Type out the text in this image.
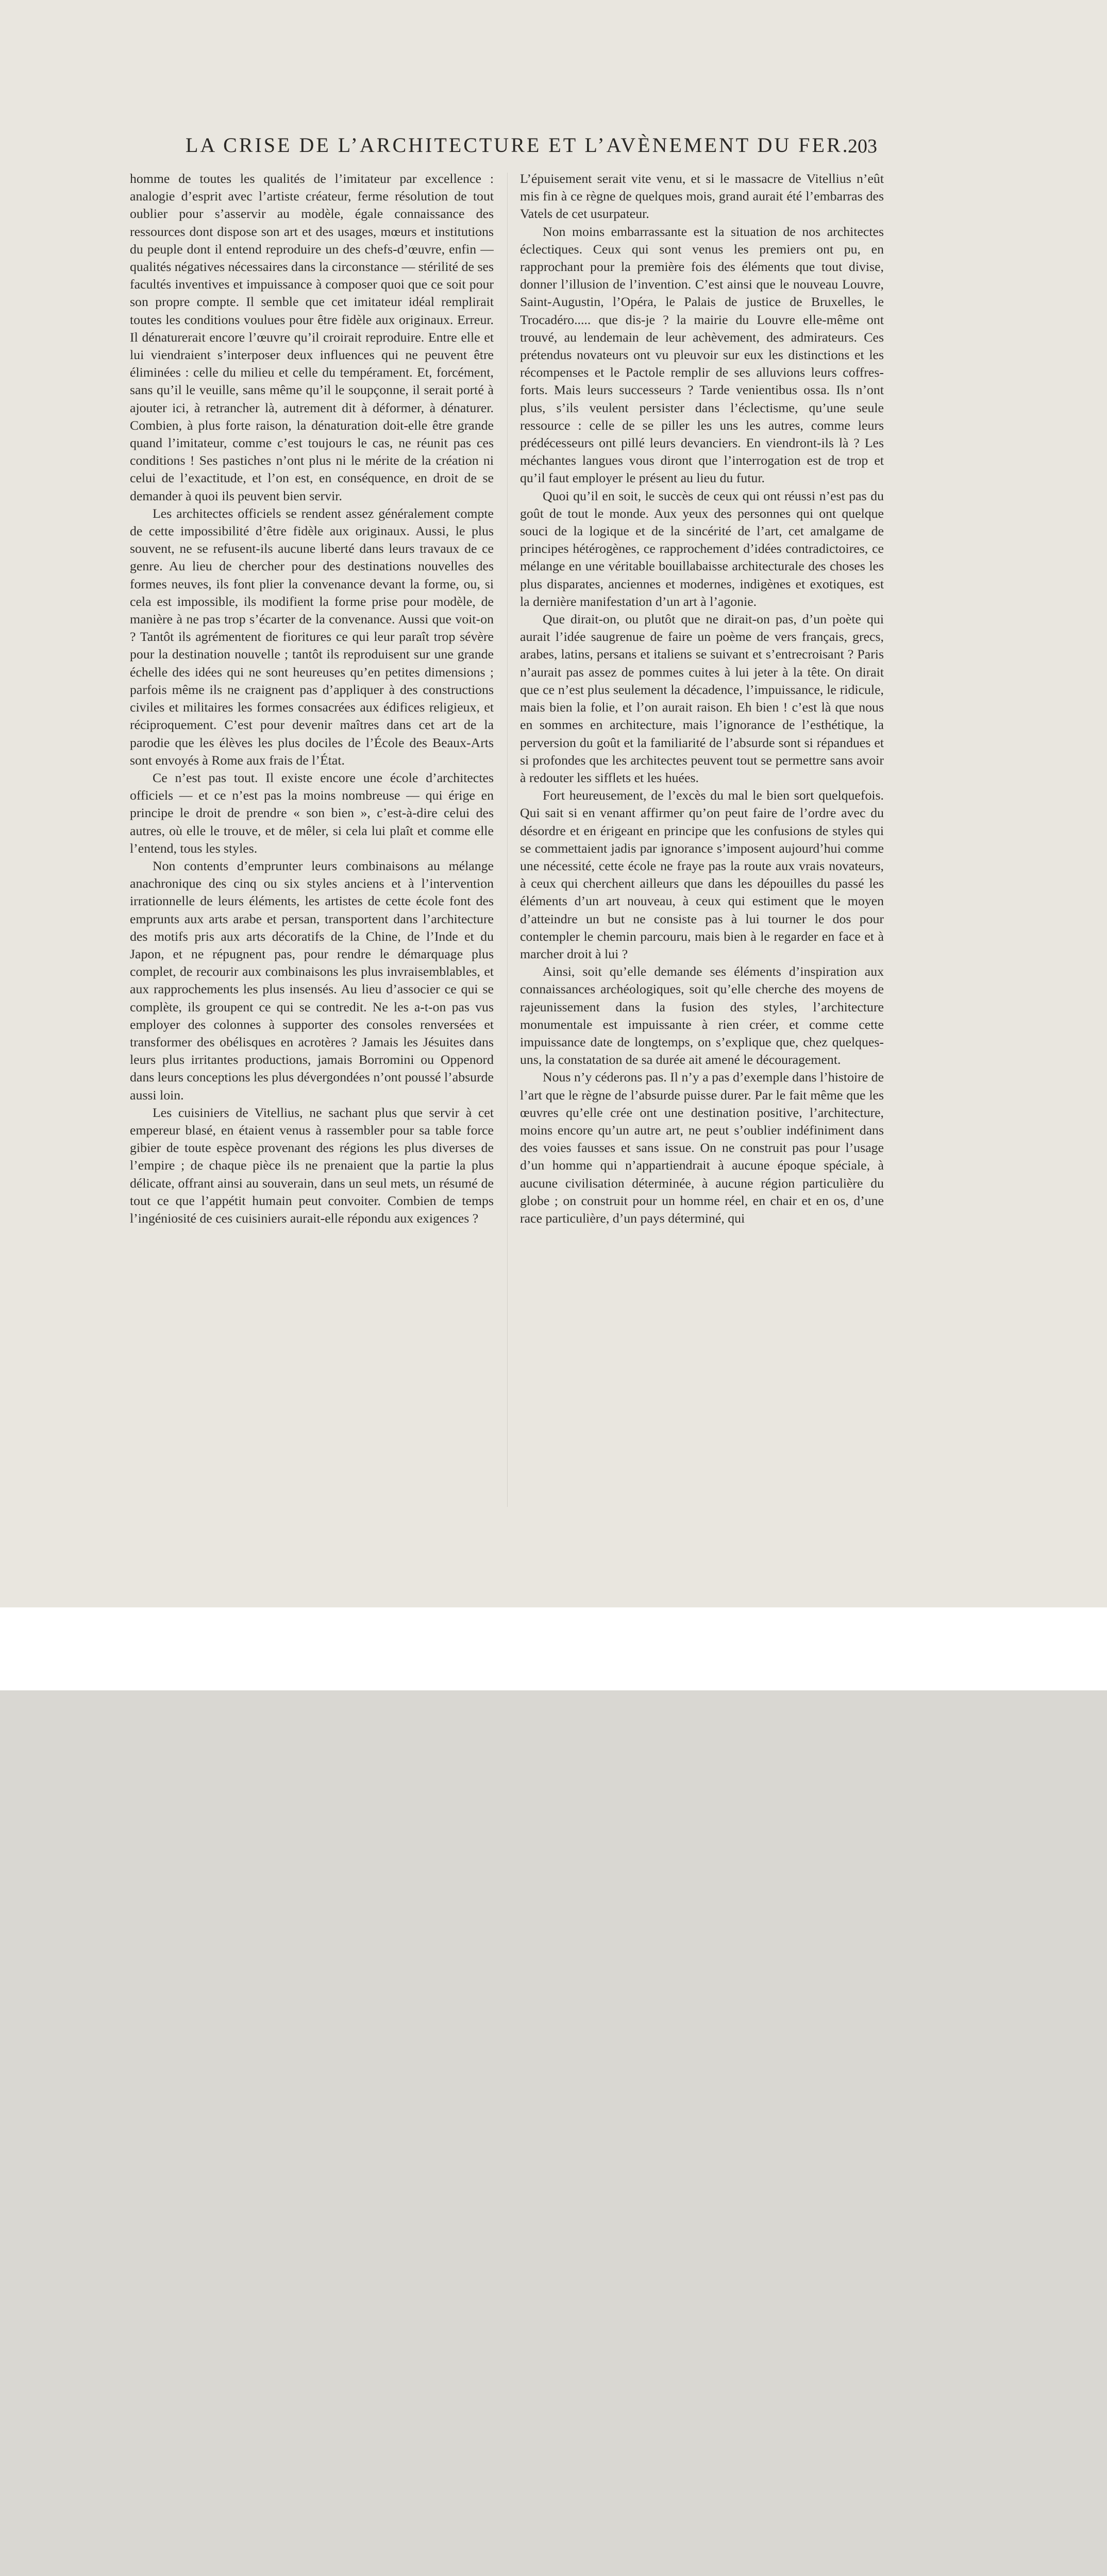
LA CRISE DE L’ARCHITECTURE ET L’AVÈNEMENT DU FER.
203

homme de toutes les qualités de l’imitateur par excellence : analogie d’esprit avec l’artiste créateur, ferme résolution de tout oublier pour s’asservir au modèle, égale connaissance des ressources dont dispose son art et des usages, mœurs et institutions du peuple dont il entend reproduire un des chefs-d’œuvre, enfin — qualités négatives nécessaires dans la circonstance — stérilité de ses facultés inventives et impuissance à composer quoi que ce soit pour son propre compte. Il semble que cet imitateur idéal remplirait toutes les conditions voulues pour être fidèle aux originaux. Erreur. Il dénaturerait encore l’œuvre qu’il croirait reproduire. Entre elle et lui viendraient s’interposer deux influences qui ne peuvent être éliminées : celle du milieu et celle du tempérament. Et, forcément, sans qu’il le veuille, sans même qu’il le soupçonne, il serait porté à ajouter ici, à retrancher là, autrement dit à déformer, à dénaturer. Combien, à plus forte raison, la dénaturation doit-elle être grande quand l’imitateur, comme c’est toujours le cas, ne réunit pas ces conditions ! Ses pastiches n’ont plus ni le mérite de la création ni celui de l’exactitude, et l’on est, en conséquence, en droit de se demander à quoi ils peuvent bien servir.

Les architectes officiels se rendent assez généralement compte de cette impossibilité d’être fidèle aux originaux. Aussi, le plus souvent, ne se refusent-ils aucune liberté dans leurs travaux de ce genre. Au lieu de chercher pour des destinations nouvelles des formes neuves, ils font plier la convenance devant la forme, ou, si cela est impossible, ils modifient la forme prise pour modèle, de manière à ne pas trop s’écarter de la convenance. Aussi que voit-on ? Tantôt ils agrémentent de fioritures ce qui leur paraît trop sévère pour la destination nouvelle ; tantôt ils reproduisent sur une grande échelle des idées qui ne sont heureuses qu’en petites dimensions ; parfois même ils ne craignent pas d’appliquer à des constructions civiles et militaires les formes consacrées aux édifices religieux, et réciproquement. C’est pour devenir maîtres dans cet art de la parodie que les élèves les plus dociles de l’École des Beaux-Arts sont envoyés à Rome aux frais de l’État.

Ce n’est pas tout. Il existe encore une école d’architectes officiels — et ce n’est pas la moins nombreuse — qui érige en principe le droit de prendre « son bien », c’est-à-dire celui des autres, où elle le trouve, et de mêler, si cela lui plaît et comme elle l’entend, tous les styles.

Non contents d’emprunter leurs combinaisons au mélange anachronique des cinq ou six styles anciens et à l’intervention irrationnelle de leurs éléments, les artistes de cette école font des emprunts aux arts arabe et persan, transportent dans l’architecture des motifs pris aux arts décoratifs de la Chine, de l’Inde et du Japon, et ne répugnent pas, pour rendre le démarquage plus complet, de recourir aux combinaisons les plus invraisemblables, et aux rapprochements les plus insensés. Au lieu d’associer ce qui se complète, ils groupent ce qui se contredit. Ne les a-t-on pas vus employer des colonnes à supporter des consoles renversées et transformer des obélisques en acrotères ? Jamais les Jésuites dans leurs plus irritantes productions, jamais Borromini ou Oppenord dans leurs conceptions les plus dévergondées n’ont poussé l’absurde aussi loin.

Les cuisiniers de Vitellius, ne sachant plus que servir à cet empereur blasé, en étaient venus à rassembler pour sa table force gibier de toute espèce provenant des régions les plus diverses de l’empire ; de chaque pièce ils ne prenaient que la partie la plus délicate, offrant ainsi au souverain, dans un seul mets, un résumé de tout ce que l’appétit humain peut convoiter. Combien de temps l’ingéniosité de ces cuisiniers aurait-elle répondu aux exigences ?

L’épuisement serait vite venu, et si le massacre de Vitellius n’eût mis fin à ce règne de quelques mois, grand aurait été l’embarras des Vatels de cet usurpateur.

Non moins embarrassante est la situation de nos architectes éclectiques. Ceux qui sont venus les premiers ont pu, en rapprochant pour la première fois des éléments que tout divise, donner l’illusion de l’invention. C’est ainsi que le nouveau Louvre, Saint-Augustin, l’Opéra, le Palais de justice de Bruxelles, le Trocadéro..... que dis-je ? la mairie du Louvre elle-même ont trouvé, au lendemain de leur achèvement, des admirateurs. Ces prétendus novateurs ont vu pleuvoir sur eux les distinctions et les récompenses et le Pactole remplir de ses alluvions leurs coffres-forts. Mais leurs successeurs ? Tarde venientibus ossa. Ils n’ont plus, s’ils veulent persister dans l’éclectisme, qu’une seule ressource : celle de se piller les uns les autres, comme leurs prédécesseurs ont pillé leurs devanciers. En viendront-ils là ? Les méchantes langues vous diront que l’interrogation est de trop et qu’il faut employer le présent au lieu du futur.

Quoi qu’il en soit, le succès de ceux qui ont réussi n’est pas du goût de tout le monde. Aux yeux des personnes qui ont quelque souci de la logique et de la sincérité de l’art, cet amalgame de principes hétérogènes, ce rapprochement d’idées contradictoires, ce mélange en une véritable bouillabaisse architecturale des choses les plus disparates, anciennes et modernes, indigènes et exotiques, est la dernière manifestation d’un art à l’agonie.

Que dirait-on, ou plutôt que ne dirait-on pas, d’un poète qui aurait l’idée saugrenue de faire un poème de vers français, grecs, arabes, latins, persans et italiens se suivant et s’entrecroisant ? Paris n’aurait pas assez de pommes cuites à lui jeter à la tête. On dirait que ce n’est plus seulement la décadence, l’impuissance, le ridicule, mais bien la folie, et l’on aurait raison. Eh bien ! c’est là que nous en sommes en architecture, mais l’ignorance de l’esthétique, la perversion du goût et la familiarité de l’absurde sont si répandues et si profondes que les architectes peuvent tout se permettre sans avoir à redouter les sifflets et les huées.

Fort heureusement, de l’excès du mal le bien sort quelquefois. Qui sait si en venant affirmer qu’on peut faire de l’ordre avec du désordre et en érigeant en principe que les confusions de styles qui se commettaient jadis par ignorance s’imposent aujourd’hui comme une nécessité, cette école ne fraye pas la route aux vrais novateurs, à ceux qui cherchent ailleurs que dans les dépouilles du passé les éléments d’un art nouveau, à ceux qui estiment que le moyen d’atteindre un but ne consiste pas à lui tourner le dos pour contempler le chemin parcouru, mais bien à le regarder en face et à marcher droit à lui ?

Ainsi, soit qu’elle demande ses éléments d’inspiration aux connaissances archéologiques, soit qu’elle cherche des moyens de rajeunissement dans la fusion des styles, l’architecture monumentale est impuissante à rien créer, et comme cette impuissance date de longtemps, on s’explique que, chez quelques-uns, la constatation de sa durée ait amené le découragement.

Nous n’y céderons pas. Il n’y a pas d’exemple dans l’histoire de l’art que le règne de l’absurde puisse durer. Par le fait même que les œuvres qu’elle crée ont une destination positive, l’architecture, moins encore qu’un autre art, ne peut s’oublier indéfiniment dans des voies fausses et sans issue. On ne construit pas pour l’usage d’un homme qui n’appartiendrait à aucune époque spéciale, à aucune civilisation déterminée, à aucune région particulière du globe ; on construit pour un homme réel, en chair et en os, d’une race particulière, d’un pays déterminé, qui
